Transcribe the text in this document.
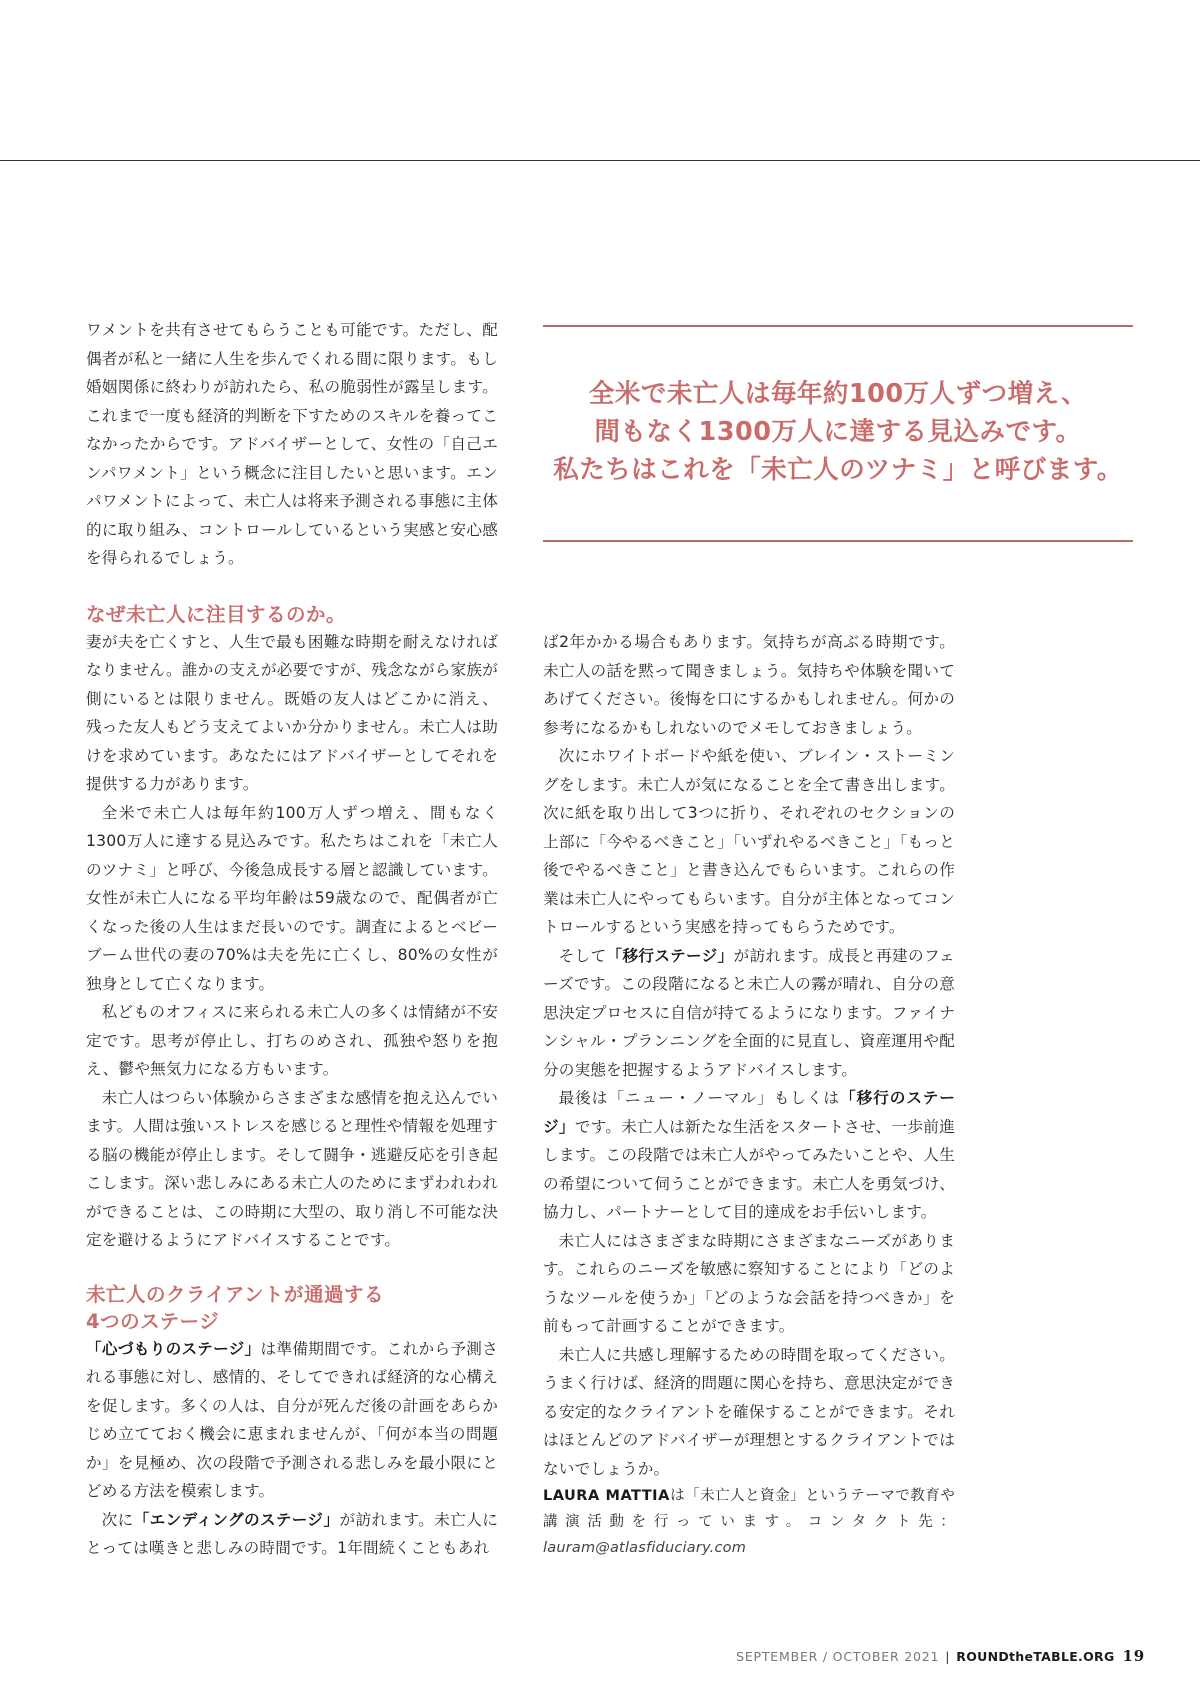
全米で未亡人は毎年約100万人ずつ増え、
間もなく1300万人に達する見込みです。
私たちはこれを「未亡人のツナミ」と呼びます。

ワメントを共有させてもらうことも可能です。ただし、配偶者が私と一緒に人生を歩んでくれる間に限ります。もし婚姻関係に終わりが訪れたら、私の脆弱性が露呈します。これまで一度も経済的判断を下すためのスキルを養ってこなかったからです。アドバイザーとして、女性の「自己エンパワメント」という概念に注目したいと思います。エンパワメントによって、未亡人は将来予測される事態に主体的に取り組み、コントロールしているという実感と安心感を得られるでしょう。

なぜ未亡人に注目するのか。

妻が夫を亡くすと、人生で最も困難な時期を耐えなければなりません。誰かの支えが必要ですが、残念ながら家族が側にいるとは限りません。既婚の友人はどこかに消え、残った友人もどう支えてよいか分かりません。未亡人は助けを求めています。あなたにはアドバイザーとしてそれを提供する力があります。

全米で未亡人は毎年約100万人ずつ増え、間もなく1300万人に達する見込みです。私たちはこれを「未亡人のツナミ」と呼び、今後急成長する層と認識しています。女性が未亡人になる平均年齢は59歳なので、配偶者が亡くなった後の人生はまだ長いのです。調査によるとベビーブーム世代の妻の70%は夫を先に亡くし、80%の女性が独身として亡くなります。

私どものオフィスに来られる未亡人の多くは情緒が不安定です。思考が停止し、打ちのめされ、孤独や怒りを抱え、鬱や無気力になる方もいます。

未亡人はつらい体験からさまざまな感情を抱え込んでいます。人間は強いストレスを感じると理性や情報を処理する脳の機能が停止します。そして闘争・逃避反応を引き起こします。深い悲しみにある未亡人のためにまずわれわれができることは、この時期に大型の、取り消し不可能な決定を避けるようにアドバイスすることです。

未亡人のクライアントが通過する
4つのステージ

「心づもりのステージ」は準備期間です。これから予測される事態に対し、感情的、そしてできれば経済的な心構えを促します。多くの人は、自分が死んだ後の計画をあらかじめ立てておく機会に恵まれませんが、「何が本当の問題か」を見極め、次の段階で予測される悲しみを最小限にとどめる方法を模索します。

次に「エンディングのステージ」が訪れます。未亡人にとっては嘆きと悲しみの時間です。1年間続くこともあれ

ば2年かかる場合もあります。気持ちが高ぶる時期です。未亡人の話を黙って聞きましょう。気持ちや体験を聞いてあげてください。後悔を口にするかもしれません。何かの参考になるかもしれないのでメモしておきましょう。

次にホワイトボードや紙を使い、ブレイン・ストーミングをします。未亡人が気になることを全て書き出します。次に紙を取り出して3つに折り、それぞれのセクションの上部に「今やるべきこと」「いずれやるべきこと」「もっと後でやるべきこと」と書き込んでもらいます。これらの作業は未亡人にやってもらいます。自分が主体となってコントロールするという実感を持ってもらうためです。

そして「移行ステージ」が訪れます。成長と再建のフェーズです。この段階になると未亡人の霧が晴れ、自分の意思決定プロセスに自信が持てるようになります。ファイナンシャル・プランニングを全面的に見直し、資産運用や配分の実態を把握するようアドバイスします。

最後は「ニュー・ノーマル」もしくは「移行のステージ」です。未亡人は新たな生活をスタートさせ、一歩前進します。この段階では未亡人がやってみたいことや、人生の希望について伺うことができます。未亡人を勇気づけ、協力し、パートナーとして目的達成をお手伝いします。

未亡人にはさまざまな時期にさまざまなニーズがあります。これらのニーズを敏感に察知することにより「どのようなツールを使うか」「どのような会話を持つべきか」を前もって計画することができます。

未亡人に共感し理解するための時間を取ってください。うまく行けば、経済的問題に関心を持ち、意思決定ができる安定的なクライアントを確保することができます。それはほとんどのアドバイザーが理想とするクライアントではないでしょうか。

LAURA MATTIAは「未亡人と資金」というテーマで教育や講演活動を行っています。コンタクト先：lauram@atlasfiduciary.com

SEPTEMBER / OCTOBER 2021 | ROUNDtheTABLE.ORG 19
